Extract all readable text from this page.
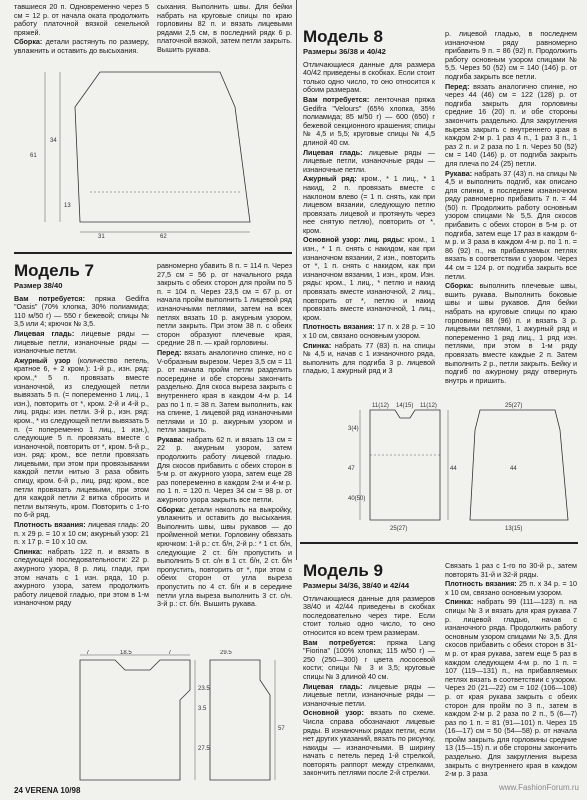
тавшиеся 20 п. Одновременно через 5 см = 12 р. от начала оката продолжить работу платочной вязкой секельной пряжей.

Сборка: детали растянуть по размеру, увлажнить и оставить до высыхания.

сыхания. Выполнить швы. Для бейки набрать на круговые спицы по краю горловины 82 п. и вязать лицевыми рядами 2,5 см, в последний рядк 6 р. платочной вязкой, затем петли закрыть. Вышить рукава.

31
61
34
62
13
Модель 7
Размер 38/40

Вам потребуется: пряжа Gedifra "Oasis" (70% хлопка, 30% полиамида; 110 м/50 г) — 550 г бежевой; спицы № 3,5 или 4; крючок № 3,5.

Лицевая гладь: лицевые ряды — лицевые петли, изнаночные ряды — изнаночные петли.

Ажурный узор (количество петель, кратное 6, + 2 кром.): 1-й р., изн. ряд: кром.,* 5 п. провязать вместе изнаночной, из следующей петли вывязать 5 п. (= попеременно 1 лиц., 1 изн.), повторить от *, кром. 2-й и 4-й р., лиц. ряды: изн. петли. 3-й р., изн. ряд: кром., * из следующей петли вывязать 5 п. (= попеременно 1 лиц., 1 изн.), следующие 5 п. провязать вместе с изнаночной, повторить от *, кром. 5-й р., изн. ряд: кром., все петли провязать лицевыми, при этом при провязывании каждой петли нитью 3 раза обвить спицу, кром. 6-й р., лиц. ряд: кром., все петли провязать лицевыми, при этом для каждой петли 2 витка сбросить и петли вытянуть, кром. Повторить с 1-го по 6-й ряд.

Плотность вязания: лицевая гладь: 20 п. x 29 р. = 10 x 10 см; ажурный узор: 21 п. x 17 р. = 10 x 10 см.

Спинка: набрать 122 п. и вязать в следующей последовательности: 22 р. ажурного узора, 8 р. лиц. глади, при этом начать с 1 изн. ряда, 10 р. ажурного узора, затем продолжить работу лицевой гладью, при этом в 1-м изнаночном ряду

равномерно убавить 8 п. = 114 п. Через 27,5 см = 56 р. от начального ряда закрыть с обеих сторон для пройм по 5 п. = 104 п. Через 23,5 см = 67 р. от начала пройм выполнить 1 лицевой ряд изнаночными петлями, затем на всех петлях вязать 10 р. ажурным узором, петли закрыть. При этом 38 п. с обеих сторон образуют плечевые края, средние 28 п. — край горловины.

Перед: вязать аналогично спинке, но с V-образным вырезом. Через 3,5 см = 11 р. от начала пройм петли разделить посередине и обе стороны закончить раздельно. Для скоса выреза закрыть с внутреннего края в каждом 4-м р. 14 раз по 1 п. = 38 п. Затем выполнить, как на спинке, 1 лицевой ряд изнаночными петлями и 10 р. ажурным узором и петли закрыть.

Рукава: набрать 62 п. и вязать 13 см = 22 р. ажурным узором, затем продолжить работу лицевой гладью. Для скосов прибавить с обеих сторон в 5-м р. от ажурного узора, затем еще 28 раз попеременно в каждом 2-м и 4-м р. по 1 п. = 120 п. Через 34 см = 98 р. от ажурного узора закрыть все петли.

Сборка: детали наколоть на выкройку, увлажнить и оставить до высыхания. Выполнить швы, швы рукавов — до пройменной метки. Горловину обвязать крючком: 1-й р.: ст. б/н, 2-й р.: * 1 ст. б/н, следующие 2 ст. б/н пропустить и выполнить 5 ст. с/н в 1 ст. б/н, 2 ст. б/н пропустить, повторить от *, при этом с обеих сторон от угла выреза пропустить по 4 ст. б/н и в середине петли угла выреза выполнить 3 ст. с/н. 3-й р.: ст. б/н. Вышить рукава.

7	18.5	7	29.5
23.5
3.5
27.5
57
Модель 8
Размеры 36/38 и 40/42

Отличающиеся данные для размера 40/42 приведены в скобках. Если стоит только одно число, то оно относится к обоим размерам.

Вам потребуется: ленточная пряжа Gedifra "Velours" (65% хлопка, 35% полиамида; 85 м/50 г) — 600 (650) г бежевой секционного крашения; спицы № 4,5 и 5,5; круговые спицы № 4,5 длиной 40 см.

Лицевая гладь: лицевые ряды — лицевые петли, изнаночные ряды — изнаночные петли.

Ажурный ряд: кром., * 1 лиц., * 1 накид, 2 п. провязать вместе с наклоном влево (= 1 п. снять, как при лицевом вязании, следующую петлю провязать лицевой и протянуть через нее снятую петлю), повторить от *, кром.

Основной узор: лиц. ряды: кром., 1 изн., * 1 п. снять с накидом, как при изнаночном вязании, 2 изн., повторить от *, 1 п. снять с накидом, как при изнаночном вязании, 1 изн., кром. Изн. ряды: кром., 1 лиц., * петлю и накид провязать вместе изнаночной, 2 лиц., повторить от *, петлю и накид провязать вместе изнаночной, 1 лиц., кром.

Плотность вязания: 17 п. x 28 р. = 10 x 10 см, связано основным узором.

Спинка: набрать 77 (83) п. на спицы № 4,5 и, начав с 1 изнаночного ряда, выполнить для подгиба 3 р. лицевой гладью, 1 ажурный ряд и 3

р. лицевой гладью, в последнем изнаночном ряду равномерно прибавить 9 п. = 86 (92) п. Продолжить работу основным узором спицами № 5,5. Через 50 (52) см = 140 (146) р. от подгиба закрыть все петли.

Перед: вязать аналогично спинке, но через 44 (46) см = 122 (128) р. от подгиба закрыть для горловины средние 16 (20) п. и обе стороны закончить раздельно. Для закругления выреза закрыть с внутреннего края в каждом 2-м р. 1 раз 4 п., 1 раз 3 п., 1 раз 2 п. и 2 раза по 1 п. Через 50 (52) см = 140 (146) р. от подгиба закрыть для плеча по 24 (25) петли.

Рукава: набрать 37 (43) п. на спицы № 4,5 и выполнить подгиб, как описано для спинки, в последнем изнаночном ряду равномерно прибавить 7 п. = 44 (50) п. Продолжить работу основным узором спицами № 5,5. Для скосов прибавить с обеих сторон в 5-м р. от подгиба, затем еще 17 раз в каждом 6-м р. и 3 раза в каждом 4-м р. по 1 п. = 86 (92) п., на прибавляемых петлях вязать в соответствии с узором. Через 44 см = 124 р. от подгиба закрыть все петли.

Сборка: выполнить плечевые швы, вшить рукава. Выполнить боковые швы и швы рукавов. Для бейки набрать на круговые спицы по краю горловины 88 (96) п. и вязать 3 р. лицевыми петлями, 1 ажурный ряд и попеременно 1 ряд лиц., 1 ряд изн. петлями, при этом в 1-м ряду провязать вместе каждые 2 п. Затем выполнить 2 р., петли закрыть. Бейку и подгиб по ажурному ряду отвернуть внутрь и пришить.

11(12) 14(15) 11(12)
47	44
25(27)
3(4)
40(50)
25(27)
44
13(15)
Модель 9
Размеры 34/36, 38/40 и 42/44

Отличающиеся данные для размеров 38/40 и 42/44 приведены в скобках последовательно через тире. Если стоит только одно число, то оно относится ко всем трем размерам.

Вам потребуется: пряжа Lang "Fiorina" (100% хлопка; 115 м/50 г) — 250 (250—300) г цвета лососевой кости; спицы № 3 и 3,5; круговые спицы № 3 длиной 40 см.

Лицевая гладь: лицевые ряды — лицевые петли, изнаночные ряды — изнаночные петли.

Основной узор: вязать по схеме. Числа справа обозначают лицевые ряды. В изнаночных рядах петли, если нет других указаний, вязать по рисунку, накиды — изнаночными. В ширину начать с петель перед 1-й стрелкой, повторять раппорт между стрелками, закончить петлями после 2-й стрелки.

Связать 1 раз с 1-го по 30-й р., затем повторять 31-й и 32-й ряды.

Плотность вязания: 25 п. x 34 р. = 10 x 10 см, связано основным узором.

Спинка: набрать 99 (111—123) п. на спицы № 3 и вязать для края рукава 7 р. лицевой гладью, начав с изнаночного ряда. Продолжить работу основным узором спицами № 3,5. Для скосов прибавить с обеих сторон в 31-м р. от края рукава, затем еще 5 раз в каждом следующем 4-м р. по 1 п. = 107 (119—131) п., на прибавляемых петлях вязать в соответствии с узором. Через 20 (21—22) см = 102 (106—108) р. от края рукава закрыть с обеих сторон для пройм по 3 п., затем в каждом 2-м р. 2 раза по 2 п., 5 (6—7) раз по 1 п. = 81 (91—101) п. Через 15 (16—17) см = 50 (54—58) р. от начала пройм закрыть для горловины средние 13 (15—15) п. и обе стороны закончить раздельно. Для закругления выреза закрыть с внутреннего края в каждом 2-м р. 3 раза

24 VERENA 10/98	www.FashionForum.ru
